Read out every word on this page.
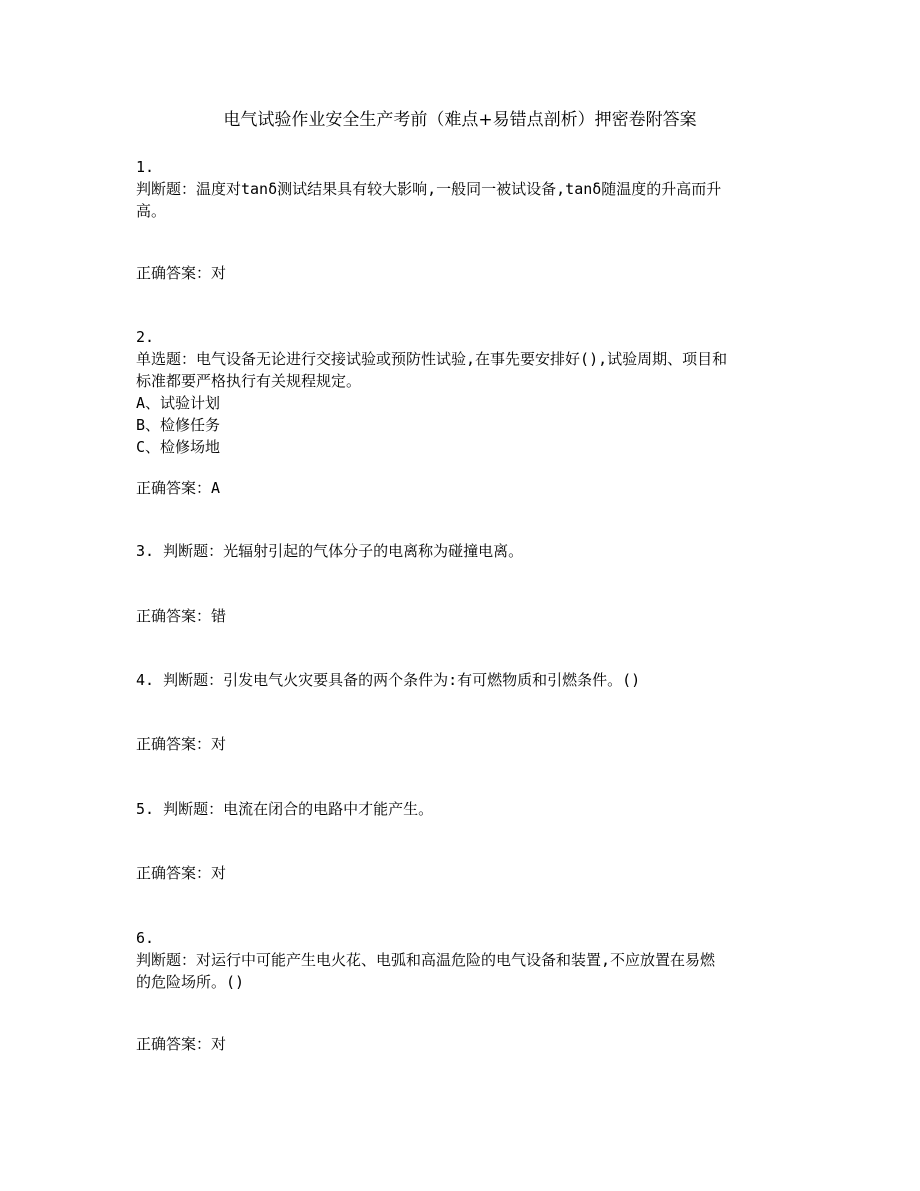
电气试验作业安全生产考前（难点+易错点剖析）押密卷附答案
1.
判断题：温度对tanδ测试结果具有较大影响,一般同一被试设备,tanδ随温度的升高而升
高。
正确答案：对
2.
单选题：电气设备无论进行交接试验或预防性试验,在事先要安排好(),试验周期、项目和
标准都要严格执行有关规程规定。
A、试验计划
B、检修任务
C、检修场地
正确答案：A
3. 判断题：光辐射引起的气体分子的电离称为碰撞电离。
正确答案：错
4. 判断题：引发电气火灾要具备的两个条件为:有可燃物质和引燃条件。()
正确答案：对
5. 判断题：电流在闭合的电路中才能产生。
正确答案：对
6.
判断题：对运行中可能产生电火花、电弧和高温危险的电气设备和装置,不应放置在易燃
的危险场所。()
正确答案：对
